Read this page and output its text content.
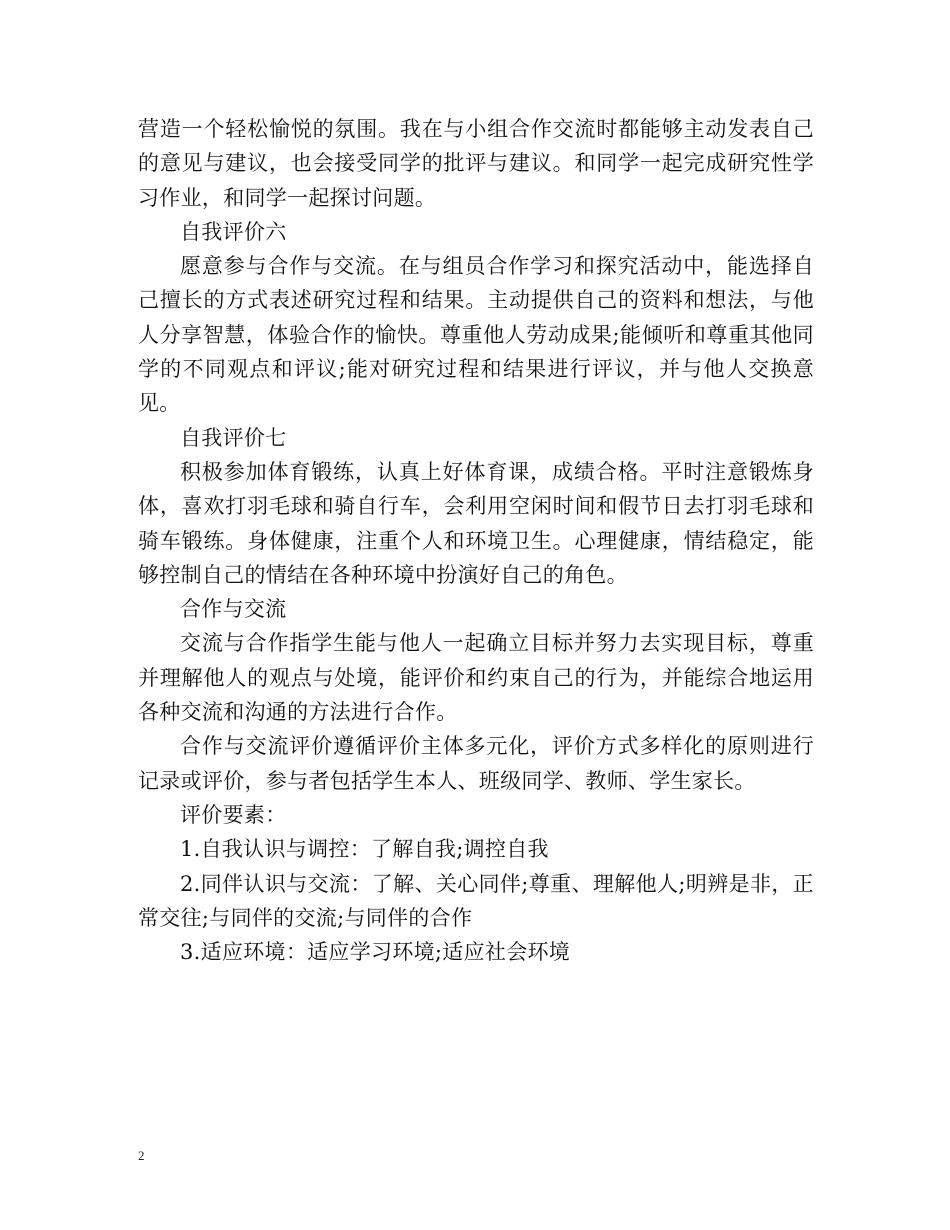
营造一个轻松愉悦的氛围。我在与小组合作交流时都能够主动发表自己的意见与建议，也会接受同学的批评与建议。和同学一起完成研究性学习作业，和同学一起探讨问题。

自我评价六

愿意参与合作与交流。在与组员合作学习和探究活动中，能选择自己擅长的方式表述研究过程和结果。主动提供自己的资料和想法，与他人分享智慧，体验合作的愉快。尊重他人劳动成果;能倾听和尊重其他同学的不同观点和评议;能对研究过程和结果进行评议，并与他人交换意见。

自我评价七

积极参加体育锻练，认真上好体育课，成绩合格。平时注意锻炼身体，喜欢打羽毛球和骑自行车，会利用空闲时间和假节日去打羽毛球和骑车锻练。身体健康，注重个人和环境卫生。心理健康，情结稳定，能够控制自己的情结在各种环境中扮演好自己的角色。

合作与交流

交流与合作指学生能与他人一起确立目标并努力去实现目标，尊重并理解他人的观点与处境，能评价和约束自己的行为，并能综合地运用各种交流和沟通的方法进行合作。

合作与交流评价遵循评价主体多元化，评价方式多样化的原则进行记录或评价，参与者包括学生本人、班级同学、教师、学生家长。

评价要素：

1.自我认识与调控：了解自我;调控自我

2.同伴认识与交流：了解、关心同伴;尊重、理解他人;明辨是非，正常交往;与同伴的交流;与同伴的合作

3.适应环境：适应学习环境;适应社会环境

2
